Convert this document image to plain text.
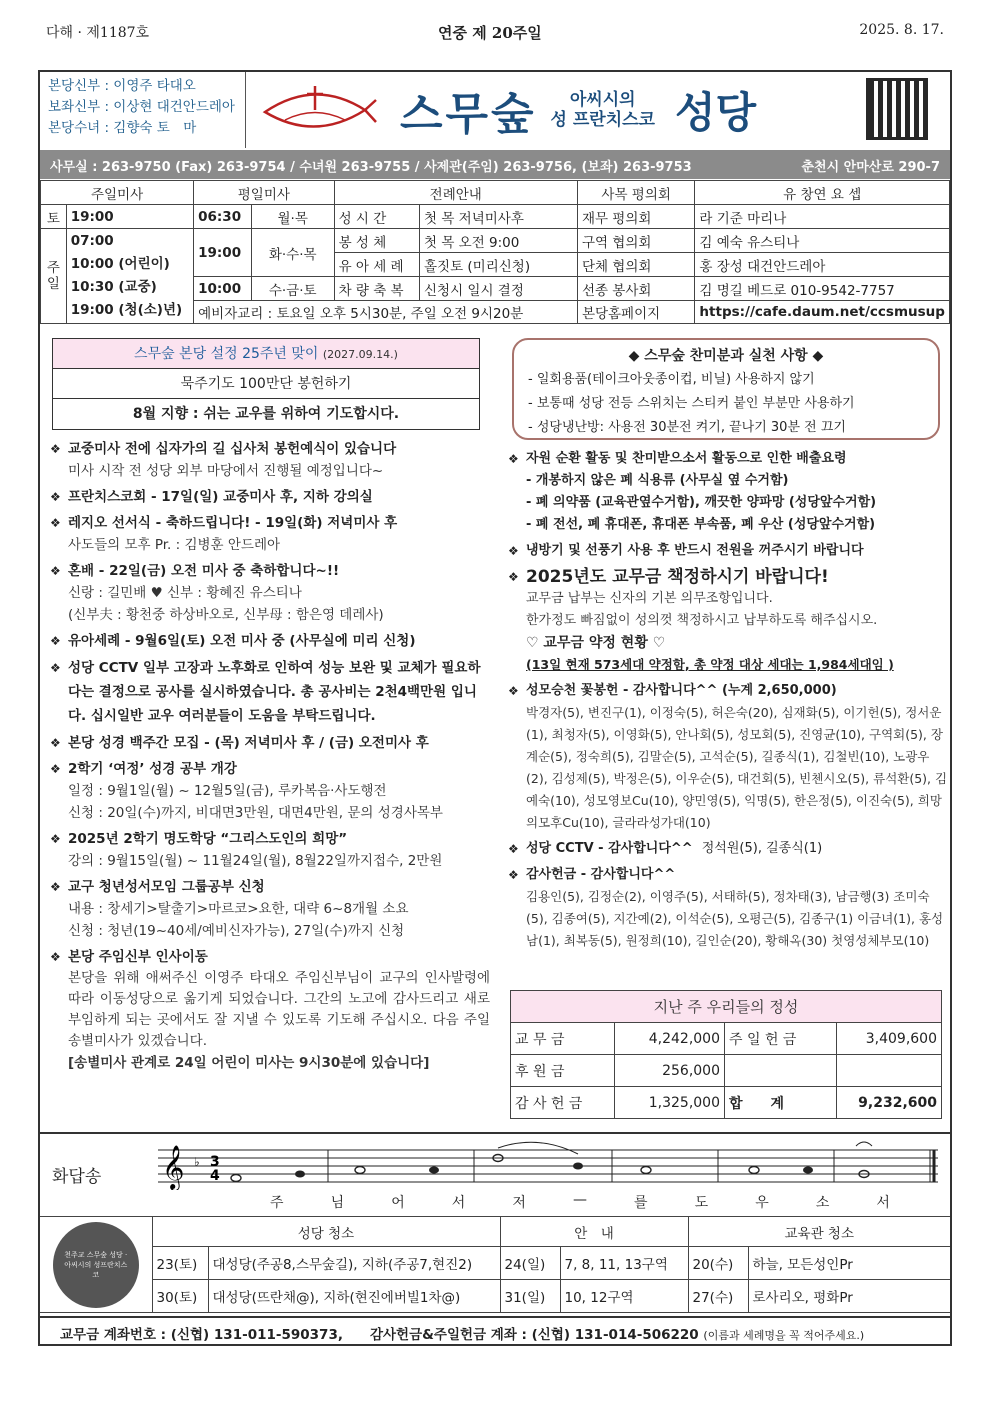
다해 · 제1187호	연중 제 20주일	2025. 8. 17.
본당신부 : 이영주 타대오
보좌신부 : 이상현 대건안드레아
본당수녀 : 김향숙 토　마	스무숲	아씨시의
성 프란치스코 성당
사무실 : 263-9750 (Fax) 263-9754 / 수녀원 263-9755 / 사제관(주임) 263-9756, (보좌) 263-9753	춘천시 안마산로 290-7
주일미사		평일미사		전례안내		사목 평의회	유 창연 요 셉
토	19:00	06:30	월·목	성 시 간	첫 목 저녁미사후	재무 평의회	라 기준 마리나
주일	07:00
10:00 (어린이)
10:30 (교중)
19:00 (청(소)년)	19:00	화·수·목	봉 성 체	첫 목 오전 9:00	구역 협의회	김 예숙 유스티나
				유 아 세 례	홀짓토 (미리신청)	단체 협의회	홍 장성 대건안드레아
		10:00	수·금·토	차 량 축 복	신청시 일시 결정	선종 봉사회	김 명길 베드로 010-9542-7757
		예비자교리 : 토요일 오후 5시30분, 주일 오전 9시20분				본당홈페이지	https://cafe.daum.net/ccsmusup
스무숲 본당 설정 25주년 맞이 (2027.09.14.)
묵주기도 100만단 봉헌하기
8월 지향 : 쉬는 교우를 위하여 기도합시다.
◆ 스무숲 찬미분과 실천 사항 ◆
- 일회용품(테이크아웃종이컵, 비닐) 사용하지 않기
- 보통때 성당 전등 스위치는 스티커 붙인 부분만 사용하기
- 성당냉난방: 사용전 30분전 켜기, 끝나기 30분 전 끄기
❖ 교중미사 전에 십자가의 길 십사처 봉헌예식이 있습니다
미사 시작 전 성당 외부 마당에서 진행될 예정입니다~
❖ 프란치스코회 - 17일(일) 교중미사 후, 지하 강의실
❖ 레지오 선서식 - 축하드립니다! - 19일(화) 저녁미사 후
사도들의 모후 Pr. : 김병훈 안드레아
❖ 혼배 - 22일(금) 오전 미사 중 축하합니다~!!
신랑 : 길민배 ♥ 신부 : 황혜진 유스티나
(신부夫 : 황천중 하상바오로, 신부母 : 함은영 데레사)
❖ 유아세례 - 9월6일(토) 오전 미사 중 (사무실에 미리 신청)
❖ 성당 CCTV 일부 고장과 노후화로 인하여 성능 보완 및 교체가 필요하다는 결정으로 공사를 실시하였습니다. 총 공사비는 2천4백만원 입니다. 십시일반 교우 여러분들이 도움을 부탁드립니다.
❖ 본당 성경 백주간 모집 - (목) 저녁미사 후 / (금) 오전미사 후
❖ 2학기 ‘여정’ 성경 공부 개강
일정 : 9월1일(월) ~ 12월5일(금), 루카복음·사도행전
신청 : 20일(수)까지, 비대면3만원, 대면4만원, 문의 성경사목부
❖ 2025년 2학기 명도학당 “그리스도인의 희망”
강의 : 9월15일(월) ~ 11월24일(월), 8월22일까지접수, 2만원
❖ 교구 청년성서모임 그룹공부 신청
내용 : 창세기>탈출기>마르코>요한, 대략 6~8개월 소요
신청 : 청년(19~40세/예비신자가능), 27일(수)까지 신청
❖ 본당 주임신부 인사이동
본당을 위해 애써주신 이영주 타대오 주임신부님이 교구의 인사발령에 따라 이동성당으로 옮기게 되었습니다. 그간의 노고에 감사드리고 새로 부임하게 되는 곳에서도 잘 지낼 수 있도록 기도해 주십시오. 다음 주일 송별미사가 있겠습니다.
[송별미사 관계로 24일 어린이 미사는 9시30분에 있습니다]
❖ 자원 순환 활동 및 찬미받으소서 활동으로 인한 배출요령
- 개봉하지 않은 폐 식용류 (사무실 옆 수거함)
- 폐 의약품 (교육관옆수거함), 깨끗한 양파망 (성당앞수거함)
- 폐 전선, 폐 휴대폰, 휴대폰 부속품, 폐 우산 (성당앞수거함)
❖ 냉방기 및 선풍기 사용 후 반드시 전원을 꺼주시기 바랍니다
❖ 2025년도 교무금 책정하시기 바랍니다!
교무금 납부는 신자의 기본 의무조항입니다.
한가정도 빠짐없이 성의껏 책정하시고 납부하도록 해주십시오.
♡ 교무금 약정 현황 ♡
(13일 현재 573세대 약정함, 총 약정 대상 세대는 1,984세대임 )
❖ 성모승천 꽃봉헌 - 감사합니다^^ (누계 2,650,000)
박경자(5), 변진구(1), 이정숙(5), 허은숙(20), 심재화(5), 이기헌(5), 정서운(1), 최청자(5), 이영화(5), 안나회(5), 성모회(5), 진영균(10), 구역회(5), 장계순(5), 정숙희(5), 김말순(5), 고석순(5), 길종식(1), 김철빈(10), 노광우(2), 김성제(5), 박정은(5), 이우순(5), 대건회(5), 빈첸시오(5), 류석환(5), 김예숙(10), 성모영보Cu(10), 양민영(5), 익명(5), 한은정(5), 이진숙(5), 희망의모후Cu(10), 글라라성가대(10)
❖ 성당 CCTV - 감사합니다^^ 정석원(5), 길종식(1)
❖ 감사헌금 - 감사합니다^^
김용인(5), 김정순(2), 이영주(5), 서태하(5), 정차태(3), 남금행(3) 조미숙(5), 김종여(5), 지간예(2), 이석순(5), 오평근(5), 김종구(1) 이금녀(1), 홍성남(1), 최복동(5), 원정희(10), 길인순(20), 황해옥(30) 첫영성체부모(10)
지난 주 우리들의 정성			
교 무 금	4,242,000	주 일 헌 금	3,409,600
후 원 금	256,000		
감 사 헌 금	1,325,000	합　　계	9,232,600
화답송 𝄞 ♭ 3
4
주	님	어	서	저	—	를	도	우	소	서
천주교 스무숲 성당 · 아씨시의 성프란치스코	성당 청소		안　내		교육관 청소	
	23(토)	대성당(주공8,스무숲길), 지하(주공7,현진2)	24(일)	7, 8, 11, 13구역	20(수)	하늘, 모든성인Pr
	30(토)	대성당(뜨란채@), 지하(현진에버빌1차@)	31(일)	10, 12구역	27(수)	로사리오, 평화Pr
교무금 계좌번호 : (신협) 131-011-590373,　　감사헌금&주일헌금 계좌 : (신협) 131-014-506220 (이름과 세례명을 꼭 적어주세요.)
